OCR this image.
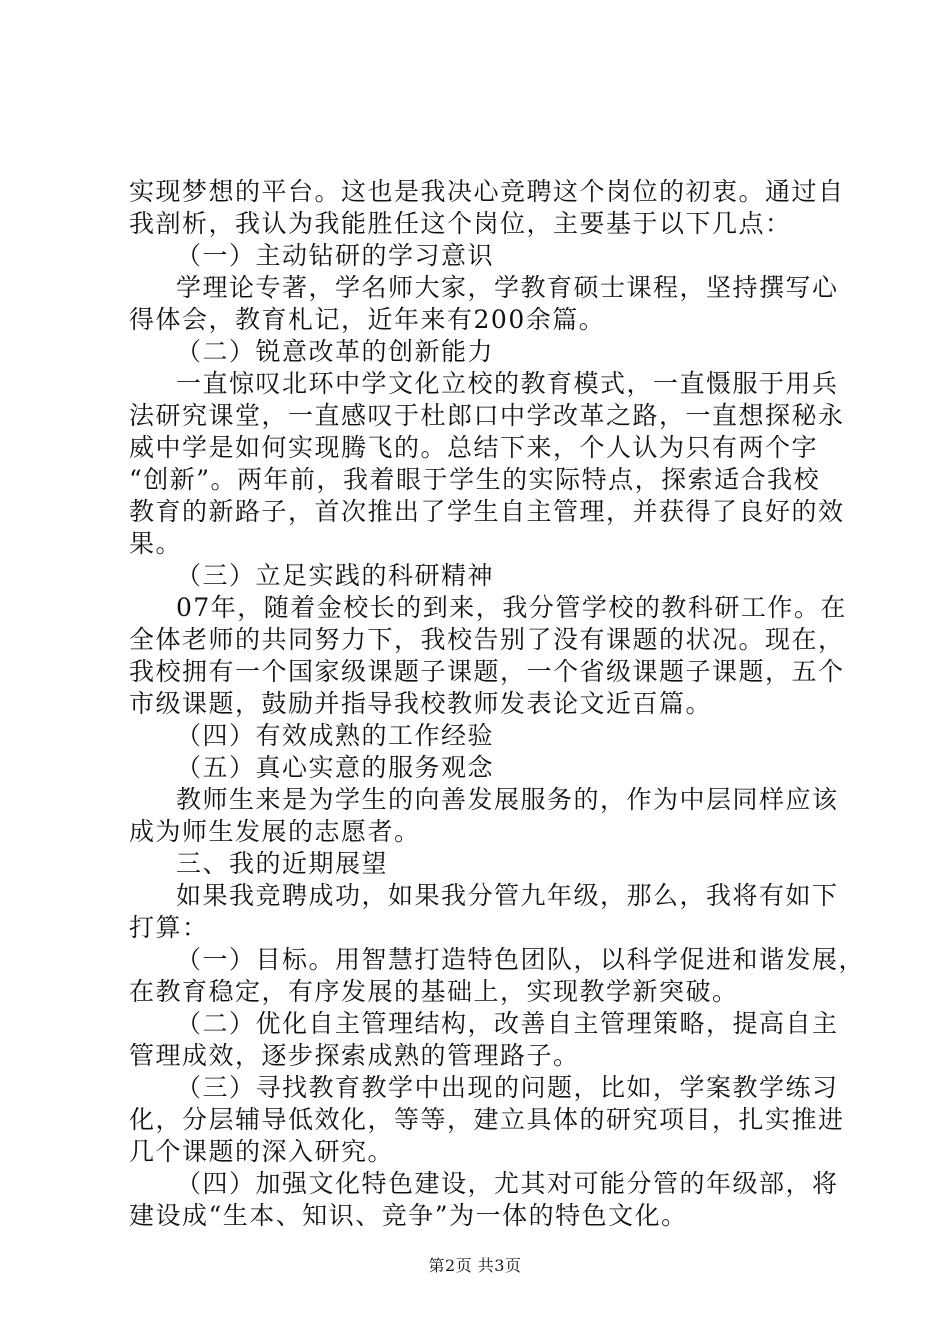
实现梦想的平台。这也是我决心竞聘这个岗位的初衷。通过自
我剖析，我认为我能胜任这个岗位，主要基于以下几点：
（一）主动钻研的学习意识
学理论专著，学名师大家，学教育硕士课程，坚持撰写心
得体会，教育札记，近年来有200余篇。
（二）锐意改革的创新能力
一直惊叹北环中学文化立校的教育模式，一直慑服于用兵
法研究课堂，一直感叹于杜郎口中学改革之路，一直想探秘永
威中学是如何实现腾飞的。总结下来，个人认为只有两个字
“创新”。两年前，我着眼于学生的实际特点，探索适合我校
教育的新路子，首次推出了学生自主管理，并获得了良好的效
果。
（三）立足实践的科研精神
07年，随着金校长的到来，我分管学校的教科研工作。在
全体老师的共同努力下，我校告别了没有课题的状况。现在，
我校拥有一个国家级课题子课题，一个省级课题子课题，五个
市级课题，鼓励并指导我校教师发表论文近百篇。
（四）有效成熟的工作经验
（五）真心实意的服务观念
教师生来是为学生的向善发展服务的，作为中层同样应该
成为师生发展的志愿者。
三、我的近期展望
如果我竞聘成功，如果我分管九年级，那么，我将有如下
打算：
（一）目标。用智慧打造特色团队，以科学促进和谐发展，
在教育稳定，有序发展的基础上，实现教学新突破。
（二）优化自主管理结构，改善自主管理策略，提高自主
管理成效，逐步探索成熟的管理路子。
（三）寻找教育教学中出现的问题，比如，学案教学练习
化，分层辅导低效化，等等，建立具体的研究项目，扎实推进
几个课题的深入研究。
（四）加强文化特色建设，尤其对可能分管的年级部，将
建设成“生本、知识、竞争”为一体的特色文化。
第2页 共3页
